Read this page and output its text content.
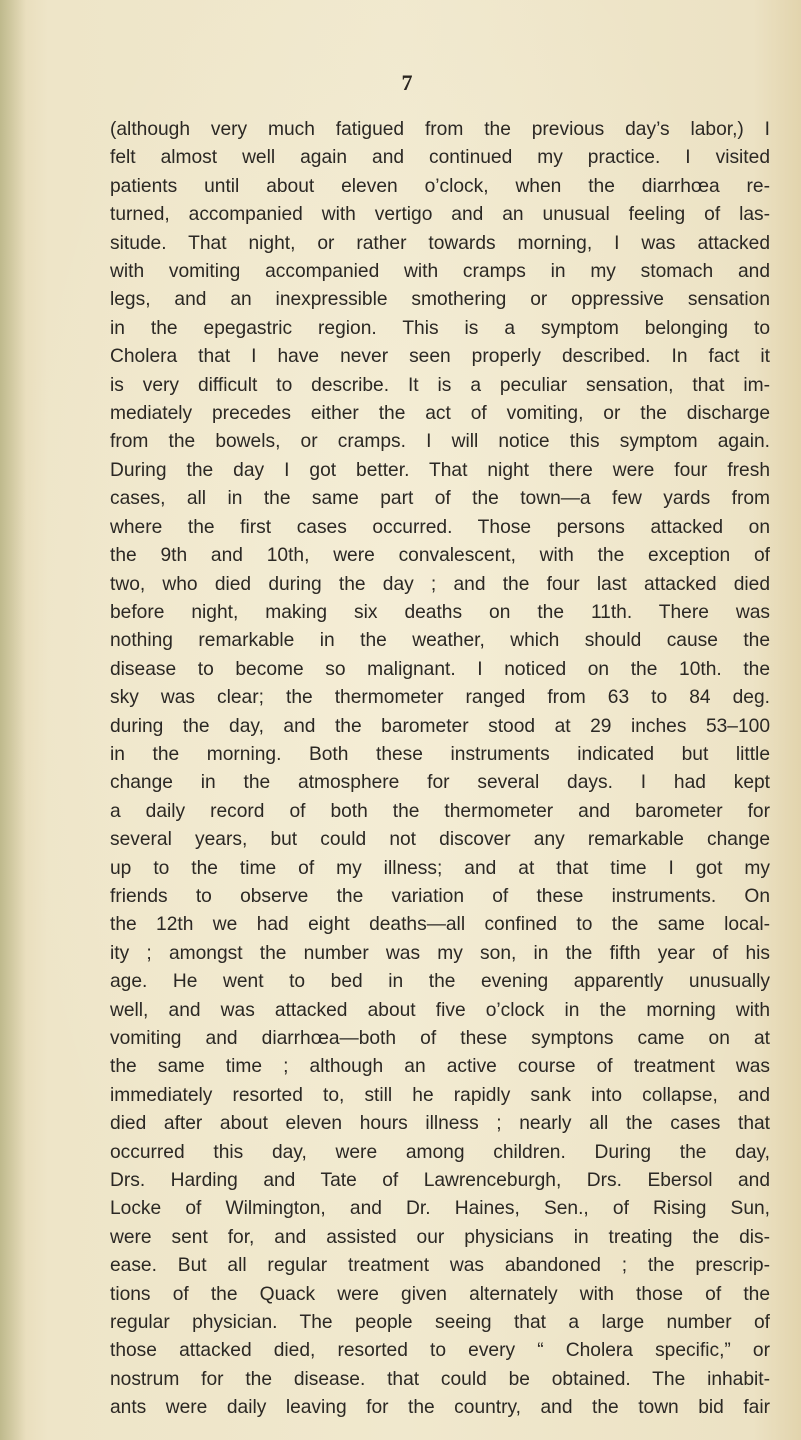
7
(although very much fatigued from the previous day’s labor,) I
felt almost well again and continued my practice. I visited
patients until about eleven o’clock, when the diarrhœa re-
turned, accompanied with vertigo and an unusual feeling of las-
situde. That night, or rather towards morning, I was attacked
with vomiting accompanied with cramps in my stomach and
legs, and an inexpressible smothering or oppressive sensation
in the epegastric region. This is a symptom belonging to
Cholera that I have never seen properly described. In fact it
is very difficult to describe. It is a peculiar sensation, that im-
mediately precedes either the act of vomiting, or the discharge
from the bowels, or cramps. I will notice this symptom again.
During the day I got better. That night there were four fresh
cases, all in the same part of the town—a few yards from
where the first cases occurred. Those persons attacked on
the 9th and 10th, were convalescent, with the exception of
two, who died during the day ; and the four last attacked died
before night, making six deaths on the 11th. There was
nothing remarkable in the weather, which should cause the
disease to become so malignant. I noticed on the 10th. the
sky was clear; the thermometer ranged from 63 to 84 deg.
during the day, and the barometer stood at 29 inches 53–100
in the morning. Both these instruments indicated but little
change in the atmosphere for several days. I had kept
a daily record of both the thermometer and barometer for
several years, but could not discover any remarkable change
up to the time of my illness; and at that time I got my
friends to observe the variation of these instruments. On
the 12th we had eight deaths—all confined to the same local-
ity ; amongst the number was my son, in the fifth year of his
age. He went to bed in the evening apparently unusually
well, and was attacked about five o’clock in the morning with
vomiting and diarrhœa—both of these symptons came on at
the same time ; although an active course of treatment was
immediately resorted to, still he rapidly sank into collapse, and
died after about eleven hours illness ; nearly all the cases that
occurred this day, were among children. During the day,
Drs. Harding and Tate of Lawrenceburgh, Drs. Ebersol and
Locke of Wilmington, and Dr. Haines, Sen., of Rising Sun,
were sent for, and assisted our physicians in treating the dis-
ease. But all regular treatment was abandoned ; the prescrip-
tions of the Quack were given alternately with those of the
regular physician. The people seeing that a large number of
those attacked died, resorted to every “ Cholera specific,” or
nostrum for the disease. that could be obtained. The inhabit-
ants were daily leaving for the country, and the town bid fair
